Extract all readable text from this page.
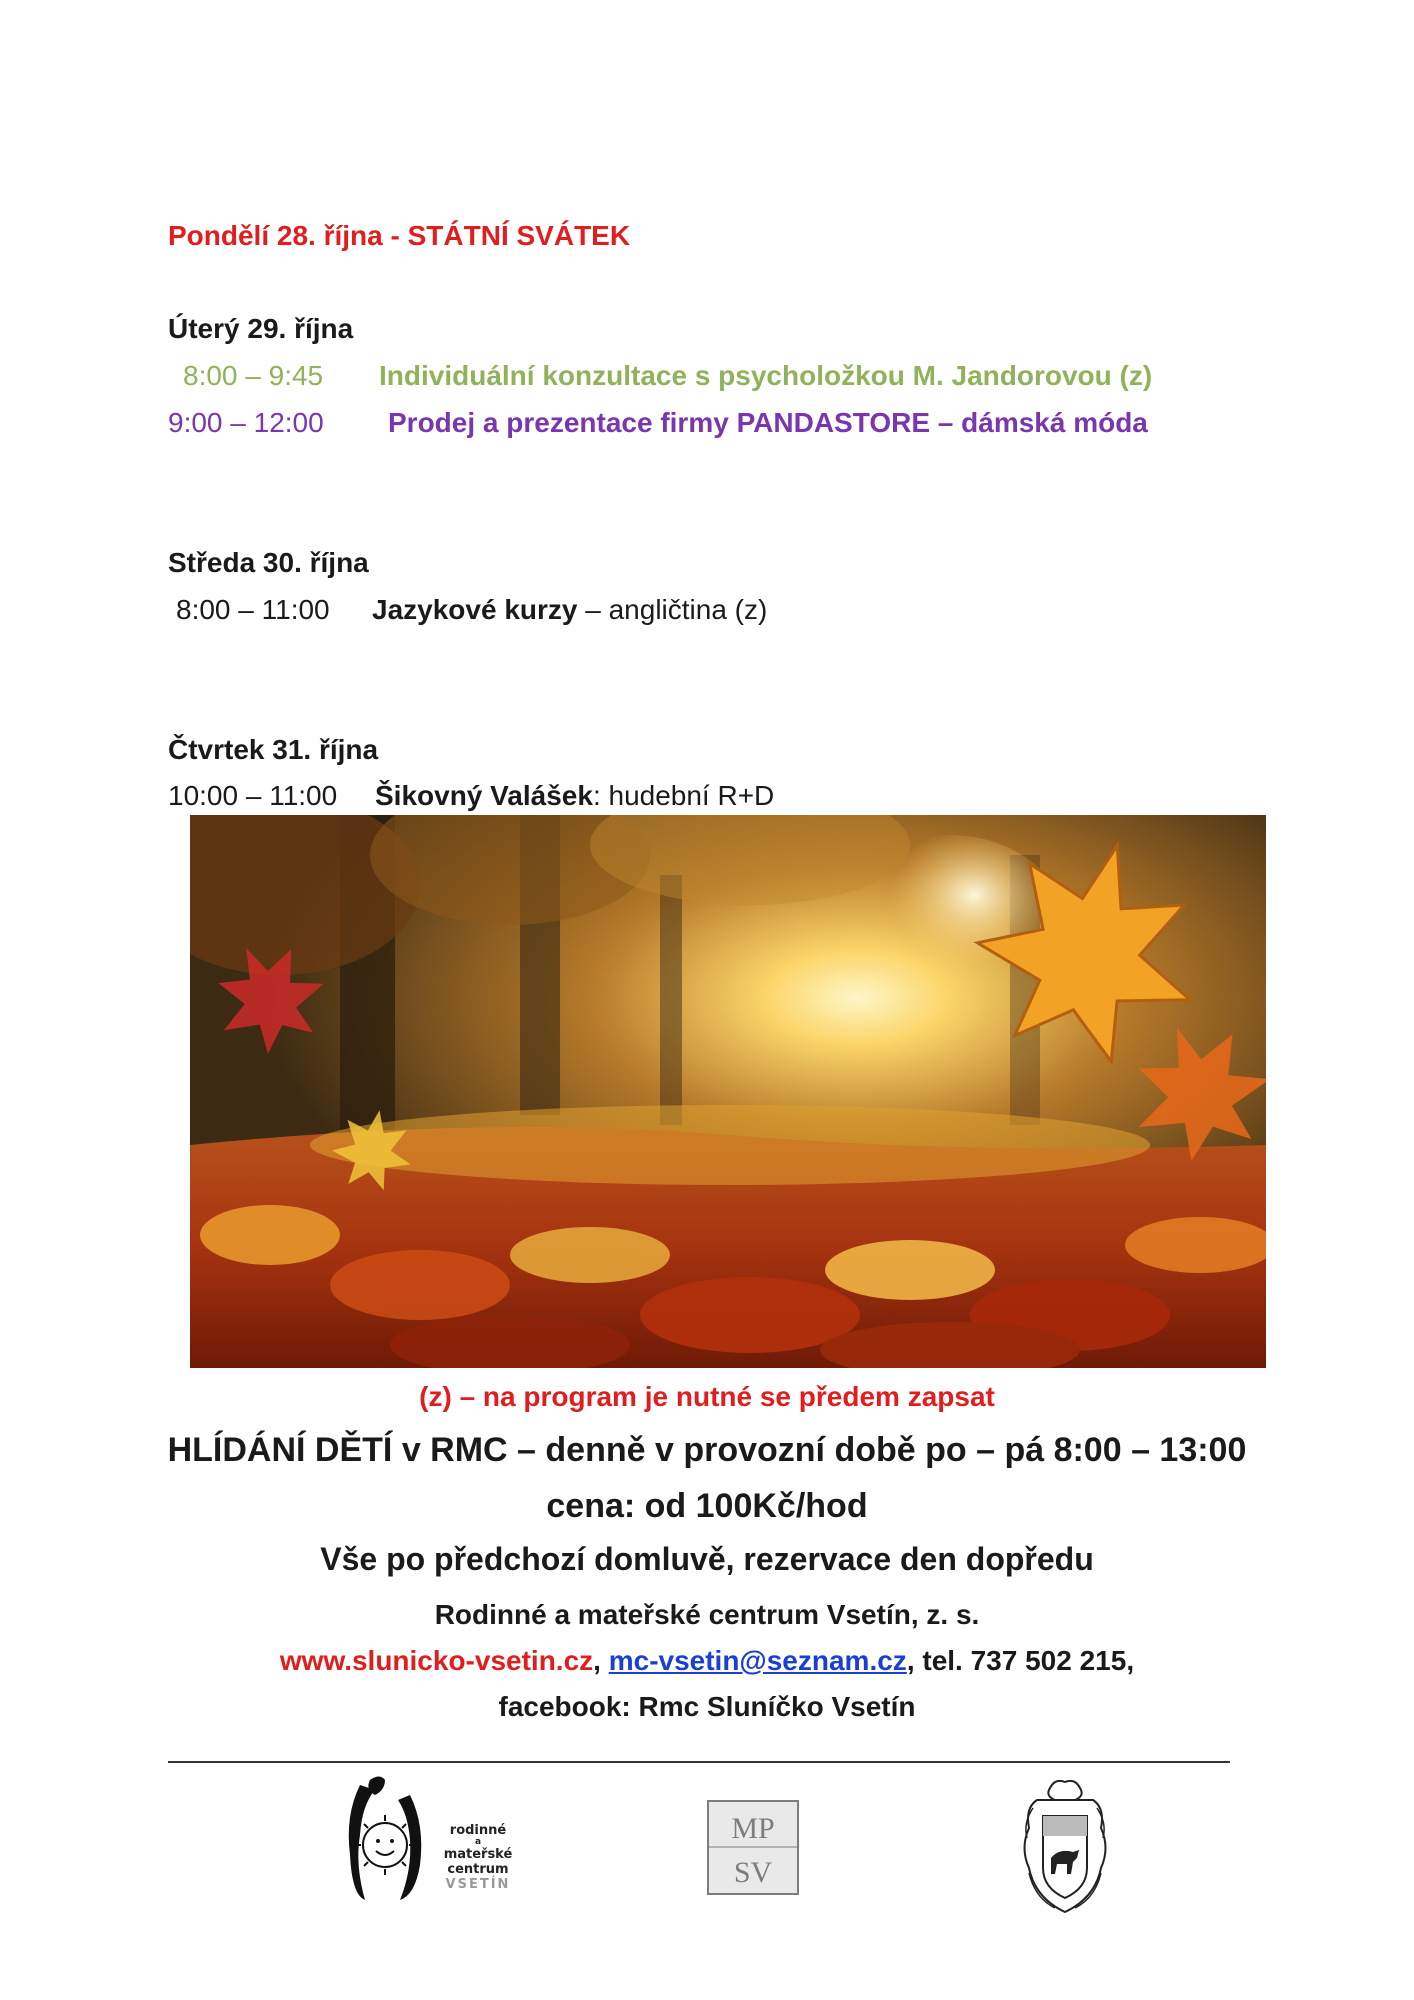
Pondělí 28. října - STÁTNÍ SVÁTEK
Úterý 29. října
8:00 – 9:45 Individuální konzultace s psycholožkou M. Jandorovou (z)
9:00 – 12:00 Prodej a prezentace firmy PANDASTORE – dámská móda
Středa 30. října
8:00 – 11:00 Jazykové kurzy – angličtina (z)
Čtvrtek 31. října
10:00 – 11:00 Šikovný Valášek: hudební R+D
(z) – na program je nutné se předem zapsat
HLÍDÁNÍ DĚTÍ v RMC – denně v provozní době po – pá 8:00 – 13:00
cena: od 100Kč/hod
Vše po předchozí domluvě, rezervace den dopředu
Rodinné a mateřské centrum Vsetín, z. s.
www.slunicko-vsetin.cz, mc-vsetin@seznam.cz, tel. 737 502 215,
facebook: Rmc Sluníčko Vsetín
rodinné
a
mateřské
centrum
VSETÍN
MP
SV
